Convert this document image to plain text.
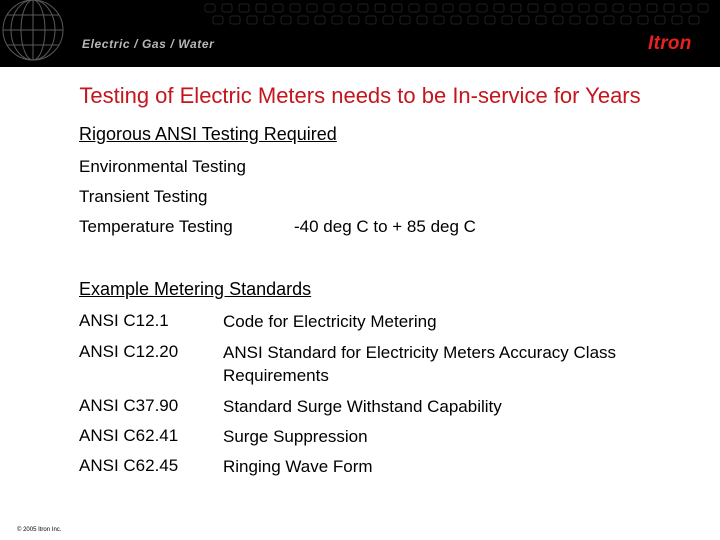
Electric / Gas / Water	Itron
Testing of Electric Meters needs to be In-service for Years
Rigorous ANSI Testing Required
Environmental Testing
Transient Testing
Temperature Testing	-40 deg C to + 85 deg C
Example Metering Standards
ANSI C12.1	Code for Electricity Metering
ANSI C12.20	ANSI Standard for Electricity Meters Accuracy Class Requirements
ANSI C37.90	Standard Surge Withstand Capability
ANSI C62.41	Surge Suppression
ANSI C62.45	Ringing Wave Form
© 2005 Itron Inc.
